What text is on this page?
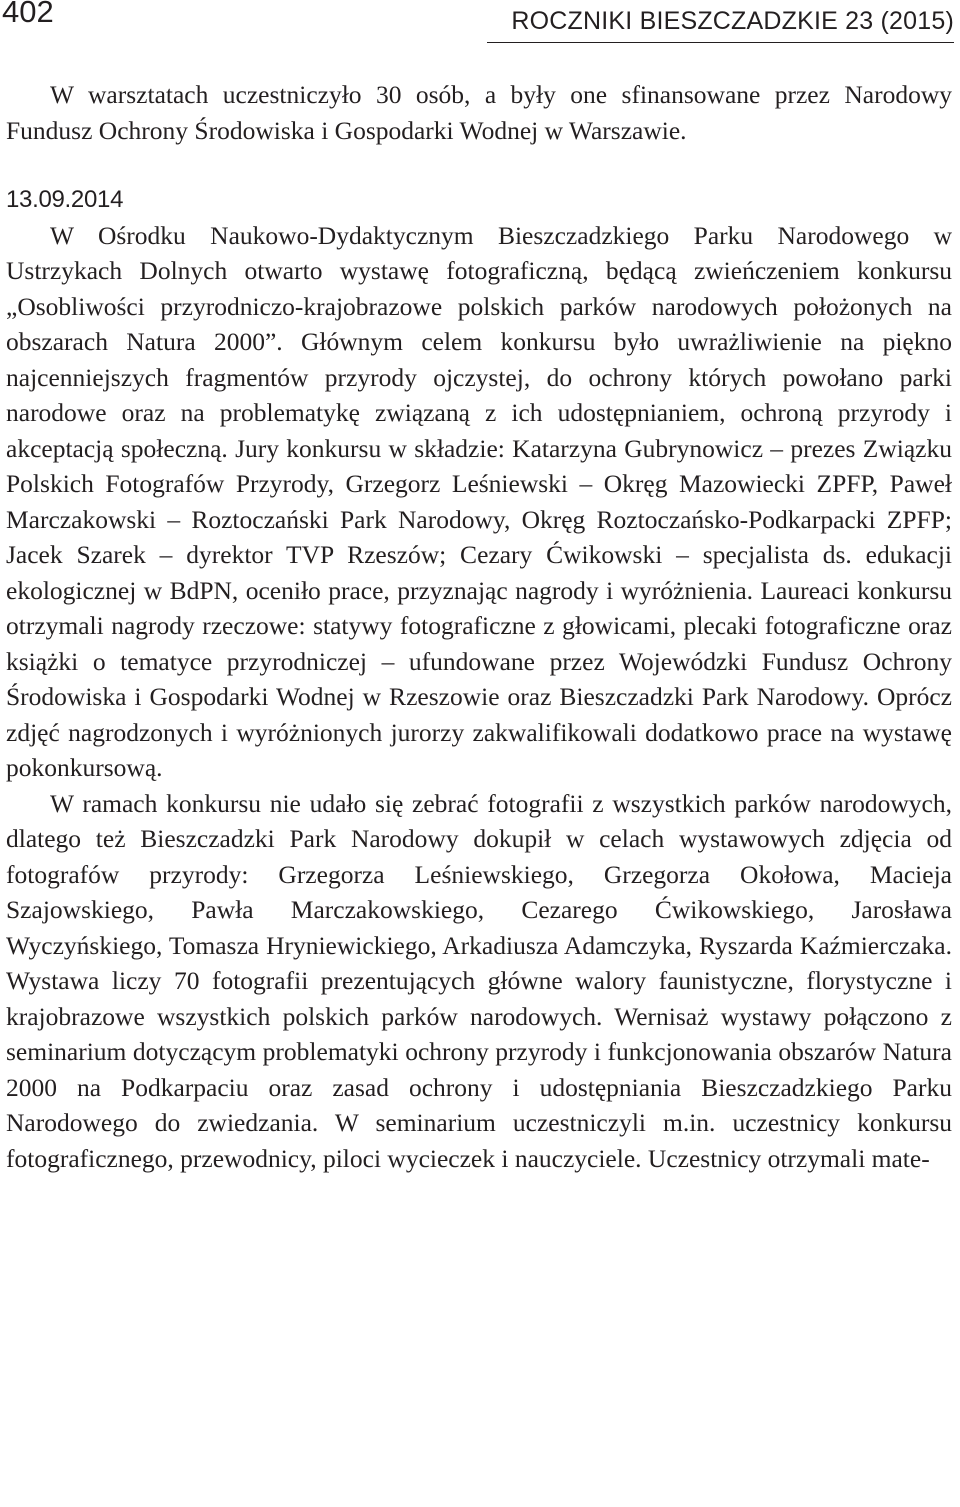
402	ROCZNIKI BIESZCZADZKIE 23 (2015)

W warsztatach uczestniczyło 30 osób, a były one sfinansowane przez Narodowy Fundusz Ochrony Środowiska i Gospodarki Wodnej w Warszawie.

13.09.2014

W Ośrodku Naukowo-Dydaktycznym Bieszczadzkiego Parku Narodowego w Ustrzykach Dolnych otwarto wystawę fotograficzną, będącą zwieńczeniem konkursu „Osobliwości przyrodniczo-krajobrazowe polskich parków narodowych położonych na obszarach Natura 2000”. Głównym celem konkursu było uwrażliwienie na piękno najcenniejszych fragmentów przyrody ojczystej, do ochrony których powołano parki narodowe oraz na problematykę związaną z ich udostępnianiem, ochroną przyrody i akceptacją społeczną. Jury konkursu w składzie: Katarzyna Gubrynowicz – prezes Związku Polskich Fotografów Przyrody, Grzegorz Leśniewski – Okręg Mazowiecki ZPFP, Paweł Marczakowski – Roztoczański Park Narodowy, Okręg Roztoczańsko-Podkarpacki ZPFP; Jacek Szarek – dyrektor TVP Rzeszów; Cezary Ćwikowski – specjalista ds. edukacji ekologicznej w BdPN, oceniło prace, przyznając nagrody i wyróżnienia. Laureaci konkursu otrzymali nagrody rzeczowe: statywy fotograficzne z głowicami, plecaki fotograficzne oraz książki o tematyce przyrodniczej – ufundowane przez Wojewódzki Fundusz Ochrony Środowiska i Gospodarki Wodnej w Rzeszowie oraz Bieszczadzki Park Narodowy. Oprócz zdjęć nagrodzonych i wyróżnionych jurorzy zakwalifikowali dodatkowo prace na wystawę pokonkursową.

W ramach konkursu nie udało się zebrać fotografii z wszystkich parków narodowych, dlatego też Bieszczadzki Park Narodowy dokupił w celach wystawowych zdjęcia od fotografów przyrody: Grzegorza Leśniewskiego, Grzegorza Okołowa, Macieja Szajowskiego, Pawła Marczakowskiego, Cezarego Ćwikowskiego, Jarosława Wyczyńskiego, Tomasza Hryniewickiego, Arkadiusza Adamczyka, Ryszarda Kaźmierczaka. Wystawa liczy 70 fotografii prezentujących główne walory faunistyczne, florystyczne i krajobrazowe wszystkich polskich parków narodowych. Wernisaż wystawy połączono z seminarium dotyczącym problematyki ochrony przyrody i funkcjonowania obszarów Natura 2000 na Podkarpaciu oraz zasad ochrony i udostępniania Bieszczadzkiego Parku Narodowego do zwiedzania. W seminarium uczestniczyli m.in. uczestnicy konkursu fotograficznego, przewodnicy, piloci wycieczek i nauczyciele. Uczestnicy otrzymali mate-
